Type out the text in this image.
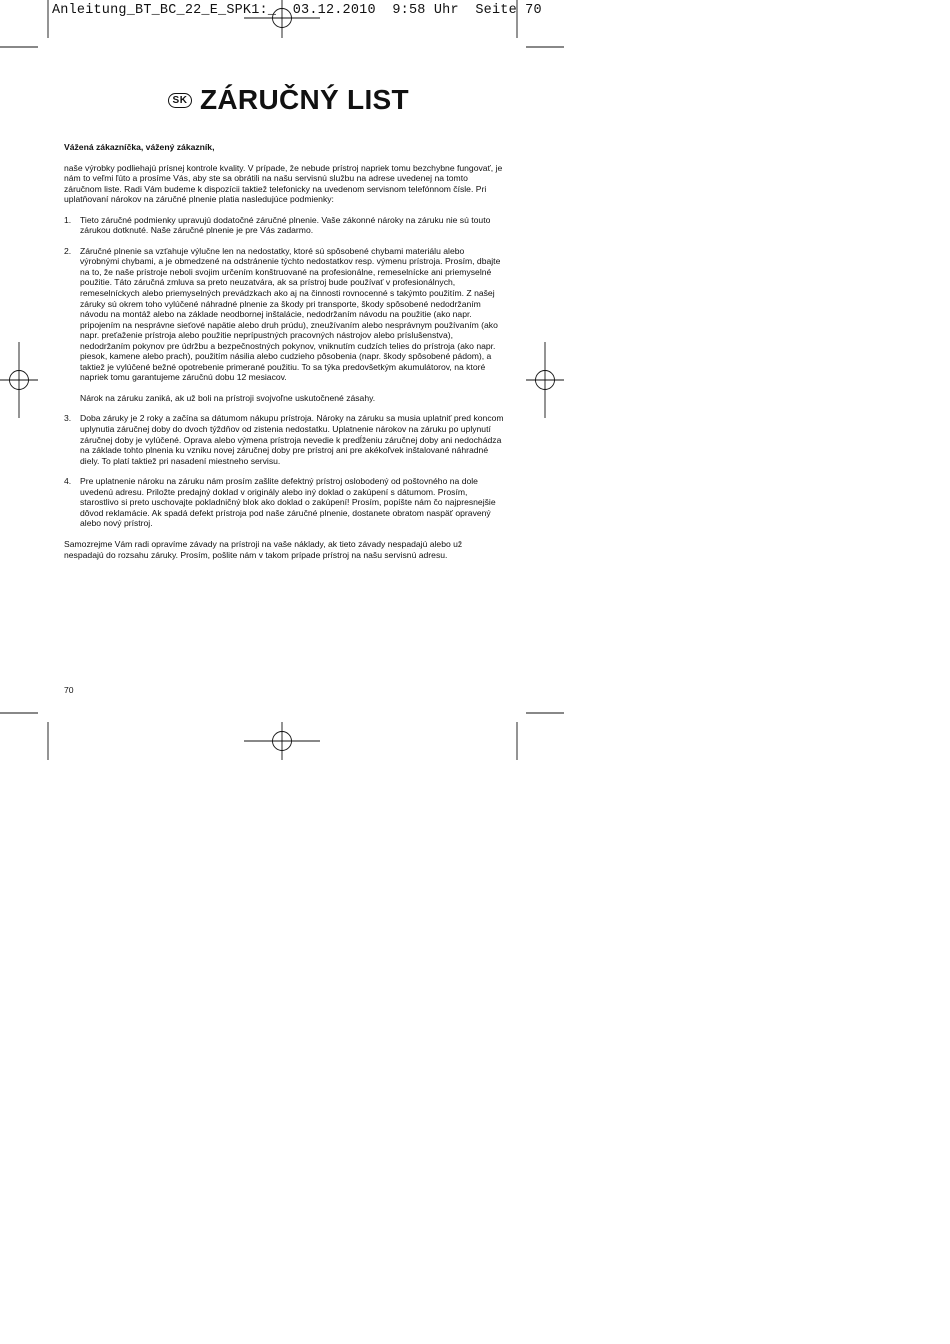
Anleitung_BT_BC_22_E_SPK1:_  03.12.2010  9:58 Uhr  Seite 70
SK ZÁRUČNÝ LIST

Vážená zákazníčka, vážený zákazník,

naše výrobky podliehajú prísnej kontrole kvality. V prípade, že nebude prístroj napriek tomu bezchybne fungovať, je nám to veľmi ľúto a prosíme Vás, aby ste sa obrátili na našu servisnú službu na adrese uvedenej na tomto záručnom liste. Radi Vám budeme k dispozícii taktiež telefonicky na uvedenom servisnom telefónnom čísle. Pri uplatňovaní nárokov na záručné plnenie platia nasledujúce podmienky:

1.	Tieto záručné podmienky upravujú dodatočné záručné plnenie. Vaše zákonné nároky na záruku nie sú touto zárukou dotknuté. Naše záručné plnenie je pre Vás zadarmo.

2.	Záručné plnenie sa vzťahuje výlučne len na nedostatky, ktoré sú spôsobené chybami materiálu alebo výrobnými chybami, a je obmedzené na odstránenie týchto nedostatkov resp. výmenu prístroja. Prosím, dbajte na to, že naše prístroje neboli svojim určením konštruované na profesionálne, remeselnícke ani priemyselné použitie. Táto záručná zmluva sa preto neuzatvára, ak sa prístroj bude používať v profesionálnych, remeselníckych alebo priemyselných prevádzkach ako aj na činnosti rovnocenné s takýmto použitím. Z našej záruky sú okrem toho vylúčené náhradné plnenie za škody pri transporte, škody spôsobené nedodržaním návodu na montáž alebo na základe neodbornej inštalácie, nedodržaním návodu na použitie (ako napr. pripojením na nesprávne sieťové napätie alebo druh prúdu), zneužívaním alebo nesprávnym používaním (ako napr. preťaženie prístroja alebo použitie neprípustných pracovných nástrojov alebo príslušenstva), nedodržaním pokynov pre údržbu a bezpečnostných pokynov, vniknutím cudzích telies do prístroja (ako napr. piesok, kamene alebo prach), použitím násilia alebo cudzieho pôsobenia (napr. škody spôsobené pádom), a taktiež je vylúčené bežné opotrebenie primerané použitiu. To sa týka predovšetkým akumulátorov, na ktoré napriek tomu garantujeme záručnú dobu 12 mesiacov.

Nárok na záruku zaniká, ak už boli na prístroji svojvoľne uskutočnené zásahy.

3.	Doba záruky je 2 roky a začína sa dátumom nákupu prístroja. Nároky na záruku sa musia uplatniť pred koncom uplynutia záručnej doby do dvoch týždňov od zistenia nedostatku. Uplatnenie nárokov na záruku po uplynutí záručnej doby je vylúčené. Oprava alebo výmena prístroja nevedie k predĺženiu záručnej doby ani nedochádza na základe tohto plnenia ku vzniku novej záručnej doby pre prístroj ani pre akékoľvek inštalované náhradné diely. To platí taktiež pri nasadení miestneho servisu.

4.	Pre uplatnenie nároku na záruku nám prosím zašlite defektný prístroj oslobodený od poštovného na dole uvedenú adresu. Priložte predajný doklad v originály alebo iný doklad o zakúpení s dátumom. Prosím, starostlivo si preto uschovajte pokladničný blok ako doklad o zakúpení! Prosím, popíšte nám čo najpresnejšie dôvod reklamácie. Ak spadá defekt prístroja pod naše záručné plnenie, dostanete obratom naspäť opravený alebo nový prístroj.

Samozrejme Vám radi opravíme závady na prístroji na vaše náklady, ak tieto závady nespadajú alebo už nespadajú do rozsahu záruky. Prosím, pošlite nám v takom prípade prístroj na našu servisnú adresu.

70
